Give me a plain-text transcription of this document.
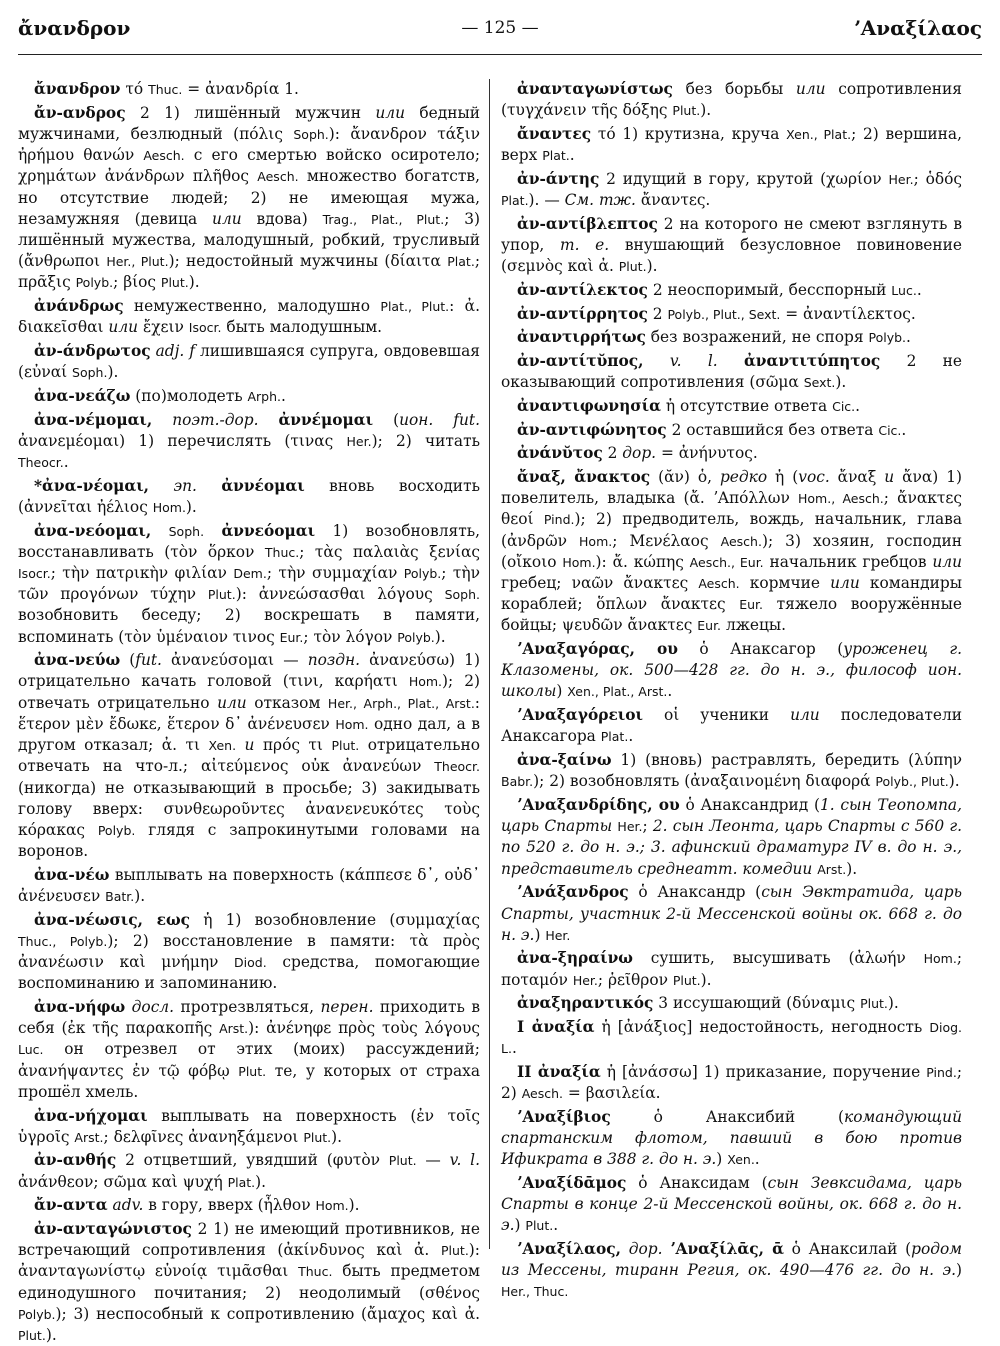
ἄνανδρον	— 125 —	ʼΑναξίλαος

ἄνανδρον τό Thuc. = ἀνανδρία 1.

ἄν-ανδρος 2 1) лишённый мужчин или бедный мужчинами, безлюдный (πόλις Soph.): ἄνανδρον τάξιν ἠρήμου θανών Aesch. с его смертью войско осиротело; χρημάτων ἀνάνδρων πλῆθος Aesch. множество богатств, но отсутствие людей; 2) не имеющая мужа, незамужняя (девица или вдова) Trag., Plat., Plut.; 3) лишённый мужества, малодушный, робкий, трусливый (ἄνθρωποι Her., Plut.); недостойный мужчины (δίαιτα Plat.; πρᾶξις Polyb.; βίος Plut.).

ἀνάνδρως немужественно, малодушно Plat., Plut.: ἀ. διακεῖσθαι или ἔχειν Isocr. быть малодушным.

ἀν-άνδρωτος adj. f лишившаяся супруга, овдовевшая (εὐναί Soph.).

ἀνα-νεάζω (по)молодеть Arph..

ἀνα-νέμομαι, поэт.-дор. ἀννέμομαι (ион. fut. ἀνανεμέομαι) 1) перечислять (τινας Her.); 2) читать Theocr..

*ἀνα-νέομαι, эп. ἀννέομαι вновь восходить (ἀννεῖται ἠέλιος Hom.).

ἀνα-νεόομαι, Soph. ἀννεόομαι 1) возобновлять, восстанавливать (τὸν ὅρκον Thuc.; τὰς παλαιὰς ξενίας Isocr.; τὴν πατρικὴν φιλίαν Dem.; τὴν συμμαχίαν Polyb.; τὴν τῶν προγόνων τύχην Plut.): ἀννεώσασθαι λόγους Soph. возобновить беседу; 2) воскрешать в памяти, вспоминать (τὸν ὑμέναιον τινος Eur.; τὸν λόγον Polyb.).

ἀνα-νεύω (fut. ἀνανεύσομαι — поздн. ἀνανεύσω) 1) отрицательно качать головой (τινι, καρήατι Hom.); 2) отвечать отрицательно или отказом Her., Arph., Plat., Arst.: ἕτερον μὲν ἔδωκε, ἕτερον δ᾽ ἀνένευσεν Hom. одно дал, а в другом отказал; ἀ. τι Xen. и πρός τι Plut. отрицательно отвечать на что-л.; αἰτεύμενος οὐκ ἀνανεύων Theocr. (никогда) не отказывающий в просьбе; 3) закидывать голову вверх: συνθεωροῦντες ἀνανενευκότες τοὺς κόρακας Polyb. глядя с запрокинутыми головами на воронов.

ἀνα-νέω выплывать на поверхность (κάππεσε δ᾽, οὐδ᾽ ἀνένευσεν Batr.).

ἀνα-νέωσις, εως ἡ 1) возобновление (συμμαχίας Thuc., Polyb.); 2) восстановление в памяти: τὰ πρὸς ἀνανέωσιν καὶ μνήμην Diod. средства, помогающие воспоминанию и запоминанию.

ἀνα-νήφω досл. протрезвляться, перен. приходить в себя (ἐκ τῆς παρακοπῆς Arst.): ἀνένηφε πρὸς τοὺς λόγους Luc. он отрезвел от этих (моих) рассуждений; ἀνανήψαντες ἐν τῷ φόβῳ Plut. те, у которых от страха прошёл хмель.

ἀνα-νήχομαι выплывать на поверхность (ἐν τοῖς ὑγροῖς Arst.; δελφῖνες ἀνανηξάμενοι Plut.).

ἀν-ανθής 2 отцветший, увядший (φυτὸν Plut. — v. l. ἀνάνθεον; σῶμα καὶ ψυχή Plat.).

ἄν-αντα adv. в гору, вверх (ἦλθον Hom.).

ἀν-ανταγώνιστος 2 1) не имеющий противников, не встречающий сопротивления (ἀκίνδυνος καὶ ἀ. Plut.): ἀνανταγωνίστῳ εὐνοίᾳ τιμᾶσθαι Thuc. быть предметом единодушного почитания; 2) неодолимый (σθένος Polyb.); 3) неспособный к сопротивлению (ἄμαχος καὶ ἀ. Plut.).

ἀνανταγωνίστως без борьбы или сопротивления (τυγχάνειν τῆς δόξης Plut.).

ἄναντες τό 1) крутизна, круча Xen., Plat.; 2) вершина, верх Plat..

ἀν-άντης 2 идущий в гору, крутой (χωρίον Her.; ὁδός Plat.). — См. тж. ἄναντες.

ἀν-αντίβλεπτος 2 на которого не смеют взглянуть в упор, т. е. внушающий безусловное повиновение (σεμνὸς καὶ ἀ. Plut.).

ἀν-αντίλεκτος 2 неоспоримый, бесспорный Luc..

ἀν-αντίρρητος 2 Polyb., Plut., Sext. = ἀναντίλεκτος.

ἀναντιρρήτως без возражений, не споря Polyb..

ἀν-αντίτῠπος, v. l. ἀναντιτύπητος 2 не оказывающий сопротивления (σῶμα Sext.).

ἀναντιφωνησία ἡ отсутствие ответа Cic..

ἀν-αντιφώνητος 2 оставшийся без ответа Cic..

ἀνάνῠτος 2 дор. = ἀνήνυτος.

ἄναξ, ἄνακτος (ᾰν) ὁ, редко ἡ (voc. ἄναξ и ἄνα) 1) повелитель, владыка (ἄ. ʼΑπόλλων Hom., Aesch.; ἄνακτες θεοί Pind.); 2) предводитель, вождь, начальник, глава (ἀνδρῶν Hom.; Μενέλαος Aesch.); 3) хозяин, господин (οἴκοιο Hom.): ἄ. κώπης Aesch., Eur. начальник гребцов или гребец; ναῶν ἄνακτες Aesch. кормчие или командиры кораблей; ὅπλων ἄνακτες Eur. тяжело вооружённые бойцы; ψευδῶν ἄνακτες Eur. лжецы.

ʼΑναξαγόρας, ου ὁ Анаксагор (уроженец г. Клазомены, ок. 500—428 гг. до н. э., философ ион. школы) Xen., Plat., Arst..

ʼΑναξαγόρειοι οἱ ученики или последователи Анаксагора Plat..

ἀνα-ξαίνω 1) (вновь) растравлять, бередить (λύπην Babr.); 2) возобновлять (ἀναξαινομένη διαφορά Polyb., Plut.).

ʼΑναξανδρίδης, ου ὁ Анаксандрид (1. сын Теопомпа, царь Спарты Her.; 2. сын Леонта, царь Спарты с 560 г. по 520 г. до н. э.; 3. афинский драматург IV в. до н. э., представитель среднеатт. комедии Arst.).

ʼΑνάξανδρος ὁ Анаксандр (сын Эвктратида, царь Спарты, участник 2-й Мессенской войны ок. 668 г. до н. э.) Her.

ἀνα-ξηραίνω сушить, высушивать (ἀλωήν Hom.; ποταμόν Her.; ῥεῖθρον Plut.).

ἀναξηραντικός 3 иссушающий (δύναμις Plut.).

I ἀναξία ἡ [ἀνάξιος] недостойность, негодность Diog. L..

II ἀναξία ἡ [ἀνάσσω] 1) приказание, поручение Pind.; 2) Aesch. = βασιλεία.

ʼΑναξίβιος ὁ Анаксибий (командующий спартанским флотом, павший в бою против Ификрата в 388 г. до н. э.) Xen..

ʼΑναξίδᾱμος ὁ Анаксидам (сын Зевксидама, царь Спарты в конце 2-й Мессенской войны, ок. 668 г. до н. э.) Plut..

ʼΑναξίλαος, дор. ʼΑναξίλᾱς, ᾱ ὁ Анаксилай (родом из Мессены, тиранн Регия, ок. 490—476 гг. до н. э.) Her., Thuc.
